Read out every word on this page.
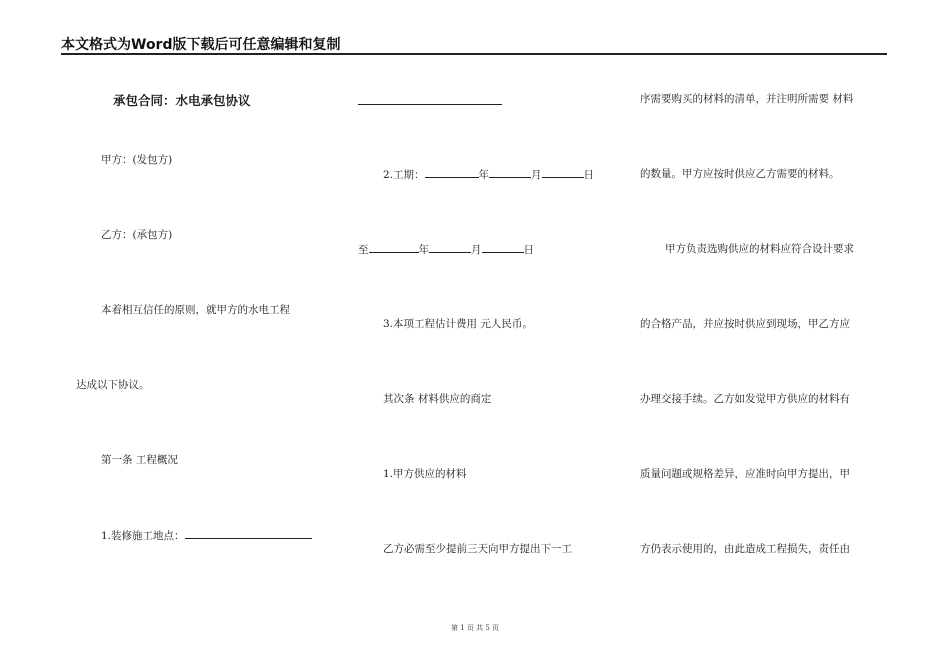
本文格式为Word版下载后可任意编辑和复制
承包合同：水电承包协议
甲方：(发包方)
乙方：(承包方)
本着相互信任的原则，就甲方的水电工程
达成以下协议。
第一条 工程概况
1.装修施工地点：
2.工期：	年	月	日
至	年	月	日
3.本项工程估计费用 元人民币。
其次条 材料供应的商定
1.甲方供应的材料
乙方必需至少提前三天向甲方提出下一工
序需要购买的材料的清单，并注明所需要 材料
的数量。甲方应按时供应乙方需要的材料。
甲方负责选购供应的材料应符合设计要求
的合格产品，并应按时供应到现场，甲乙方应
办理交接手续。乙方如发觉甲方供应的材料有
质量问题或规格差异，应准时向甲方提出，甲
方仍表示使用的，由此造成工程损失，责任由
第 1 页 共 5 页
